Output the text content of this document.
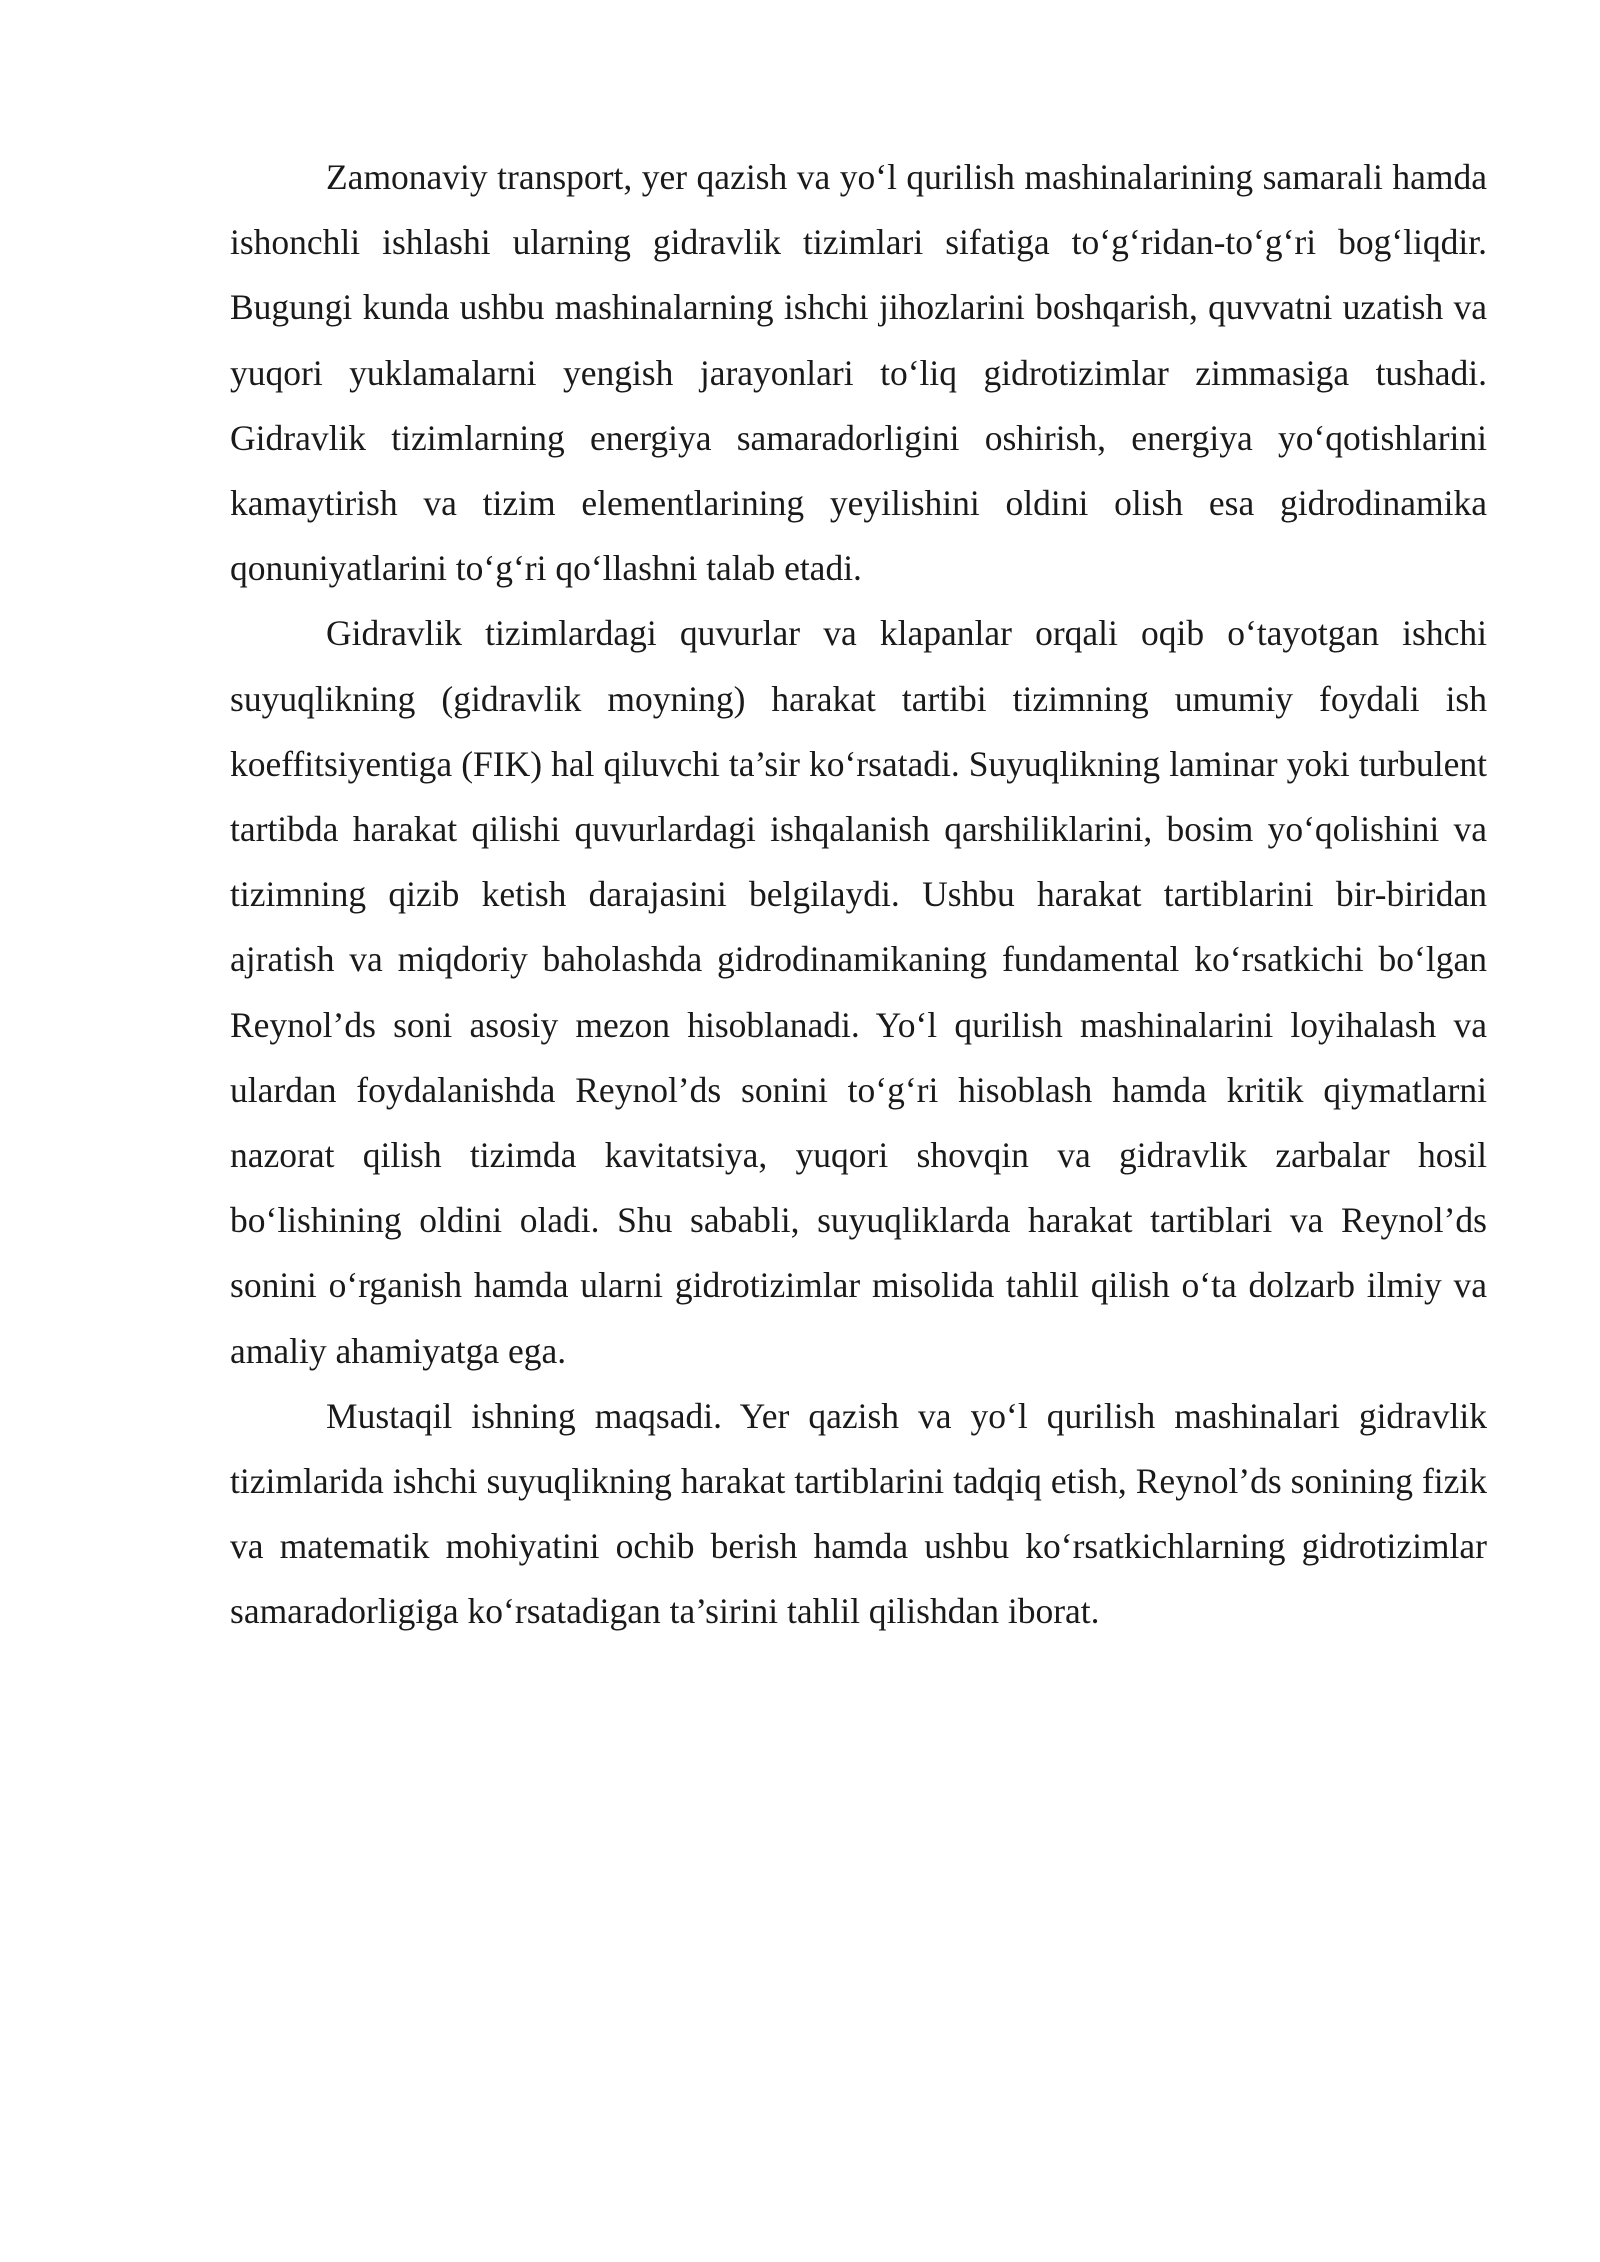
Zamonaviy transport, yer qazish va yo‘l qurilish mashinalarining samarali hamda ishonchli ishlashi ularning gidravlik tizimlari sifatiga to‘g‘ridan-to‘g‘ri bog‘liqdir. Bugungi kunda ushbu mashinalarning ishchi jihozlarini boshqarish, quvvatni uzatish va yuqori yuklamalarni yengish jarayonlari to‘liq gidrotizimlar zimmasiga tushadi. Gidravlik tizimlarning energiya samaradorligini oshirish, energiya yo‘qotishlarini kamaytirish va tizim elementlarining yeyilishini oldini olish esa gidrodinamika qonuniyatlarini to‘g‘ri qo‘llashni talab etadi.

Gidravlik tizimlardagi quvurlar va klapanlar orqali oqib o‘tayotgan ishchi suyuqlikning (gidravlik moyning) harakat tartibi tizimning umumiy foydali ish koeffitsiyentiga (FIK) hal qiluvchi ta’sir ko‘rsatadi. Suyuqlikning laminar yoki turbulent tartibda harakat qilishi quvurlardagi ishqalanish qarshiliklarini, bosim yo‘qolishini va tizimning qizib ketish darajasini belgilaydi. Ushbu harakat tartiblarini bir-biridan ajratish va miqdoriy baholashda gidrodinamikaning fundamental ko‘rsatkichi bo‘lgan Reynol’ds soni asosiy mezon hisoblanadi. Yo‘l qurilish mashinalarini loyihalash va ulardan foydalanishda Reynol’ds sonini to‘g‘ri hisoblash hamda kritik qiymatlarni nazorat qilish tizimda kavitatsiya, yuqori shovqin va gidravlik zarbalar hosil bo‘lishining oldini oladi. Shu sababli, suyuqliklarda harakat tartiblari va Reynol’ds sonini o‘rganish hamda ularni gidrotizimlar misolida tahlil qilish o‘ta dolzarb ilmiy va amaliy ahamiyatga ega.

Mustaqil ishning maqsadi. Yer qazish va yo‘l qurilish mashinalari gidravlik tizimlarida ishchi suyuqlikning harakat tartiblarini tadqiq etish, Reynol’ds sonining fizik va matematik mohiyatini ochib berish hamda ushbu ko‘rsatkichlarning gidrotizimlar samaradorligiga ko‘rsatadigan ta’sirini tahlil qilishdan iborat.
